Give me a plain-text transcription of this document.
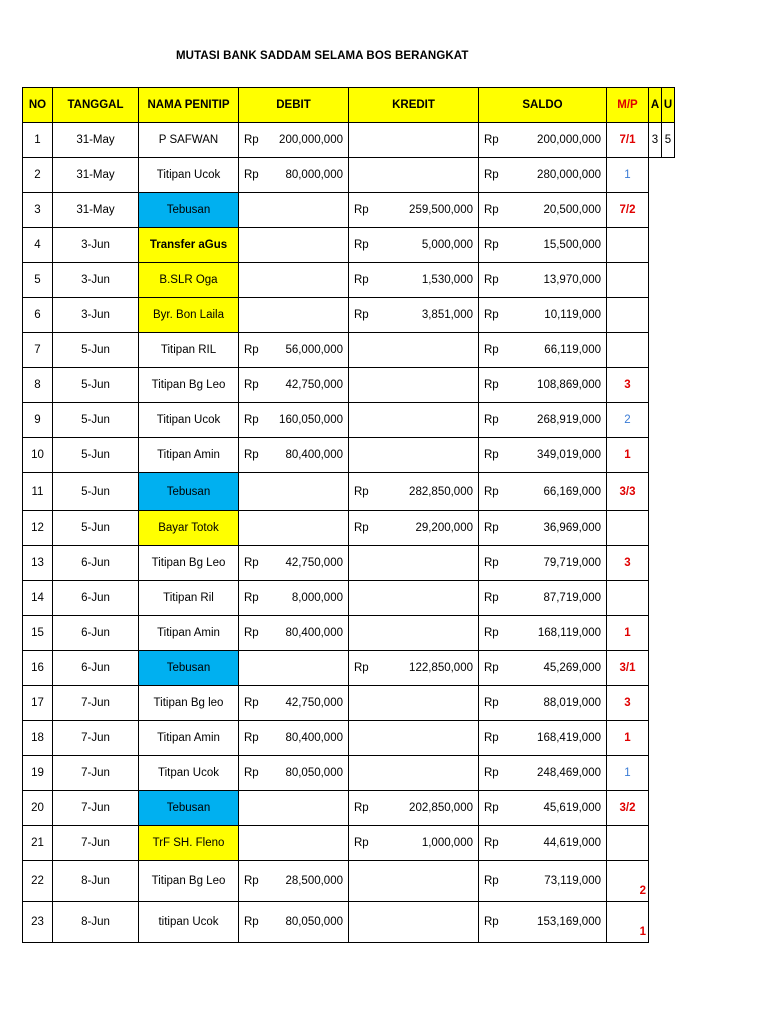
MUTASI BANK SADDAM SELAMA BOS BERANGKAT
NO	TANGGAL	NAMA PENITIP	DEBIT	KREDIT	SALDO	M/P	A	U
1	31-May	P SAFWAN	Rp 200,000,000		Rp 200,000,000	7/1	3	5
2	31-May	Titipan Ucok	Rp 80,000,000		Rp 280,000,000	1		
3	31-May	Tebusan		Rp 259,500,000	Rp 20,500,000	7/2		
4	3-Jun	Transfer aGus		Rp 5,000,000	Rp 15,500,000			

5	3-Jun	B.SLR Oga		Rp 1,530,000	Rp 13,970,000			

6	3-Jun	Byr. Bon Laila		Rp 3,851,000	Rp 10,119,000			

7	5-Jun	Titipan RIL	Rp 56,000,000		Rp 66,119,000			

8	5-Jun	Titipan Bg Leo	Rp 42,750,000		Rp 108,869,000	3		
9	5-Jun	Titipan Ucok	Rp 160,050,000		Rp 268,919,000	2		
10	5-Jun	Titipan Amin	Rp 80,400,000		Rp 349,019,000	1		
11	5-Jun	Tebusan		Rp 282,850,000	Rp 66,169,000	3/3		
12	5-Jun	Bayar Totok		Rp 29,200,000	Rp 36,969,000			

13	6-Jun	Titipan Bg Leo	Rp 42,750,000		Rp 79,719,000	3		
14	6-Jun	Titipan Ril	Rp 8,000,000		Rp 87,719,000			

15	6-Jun	Titipan Amin	Rp 80,400,000		Rp 168,119,000	1		
16	6-Jun	Tebusan		Rp 122,850,000	Rp 45,269,000	3/1		
17	7-Jun	Titipan Bg leo	Rp 42,750,000		Rp 88,019,000	3		
18	7-Jun	Titipan Amin	Rp 80,400,000		Rp 168,419,000	1		
19	7-Jun	Titpan Ucok	Rp 80,050,000		Rp 248,469,000	1		
20	7-Jun	Tebusan		Rp 202,850,000	Rp 45,619,000	3/2		
21	7-Jun	TrF SH. Fleno		Rp 1,000,000	Rp 44,619,000			

22	8-Jun	Titipan Bg Leo	Rp 28,500,000		Rp 73,119,000	2		
23	8-Jun	titipan Ucok	Rp 80,050,000		Rp 153,169,000	1		
